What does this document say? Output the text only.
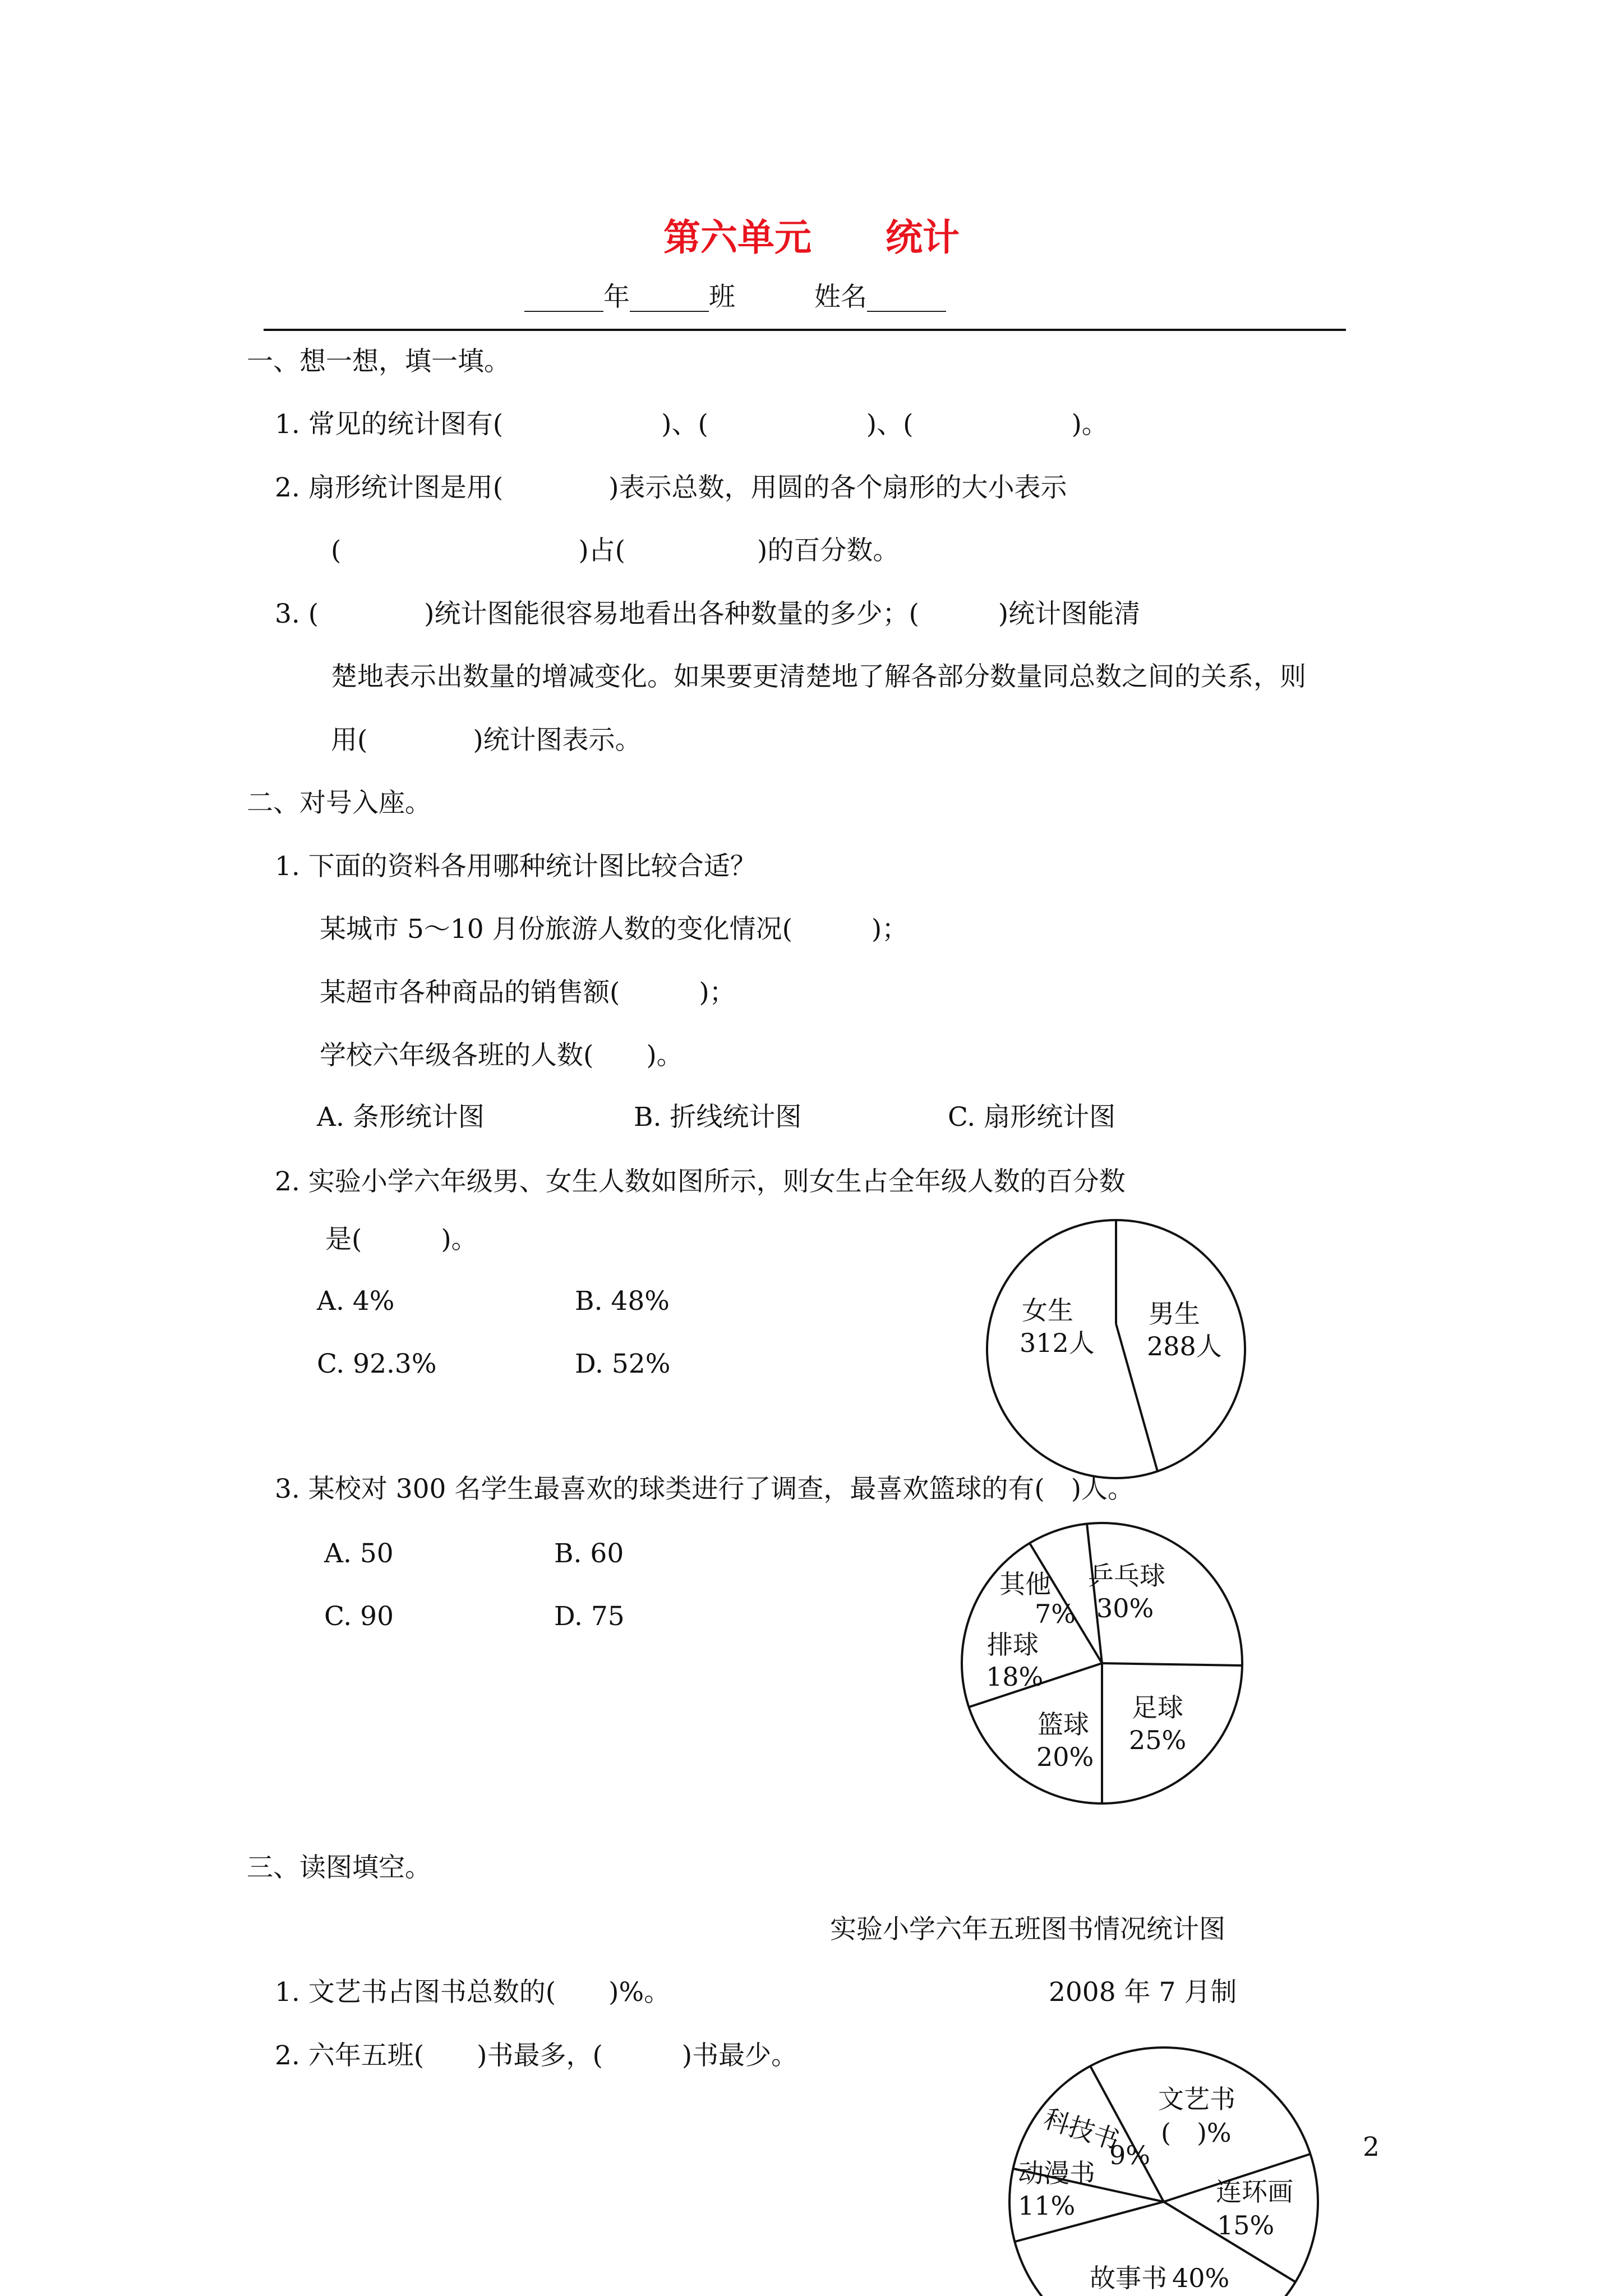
第六单元　　统计
______年______班　　　姓名______
一、想一想，填一填。
1. 常见的统计图有(　　　　　　)、(　　　　　　)、(　　　　　　)。
2. 扇形统计图是用(　　　　)表示总数，用圆的各个扇形的大小表示
(　　　　　　　　　)占(　　　　　)的百分数。
3. (　　　　)统计图能很容易地看出各种数量的多少；(　　　)统计图能清
楚地表示出数量的增减变化。如果要更清楚地了解各部分数量同总数之间的关系，则
用(　　　　)统计图表示。
二、对号入座。
1. 下面的资料各用哪种统计图比较合适？
某城市 5～10 月份旅游人数的变化情况(　　　)；
某超市各种商品的销售额(　　　)；
学校六年级各班的人数(　　)。
A. 条形统计图	B. 折线统计图	C. 扇形统计图
2. 实验小学六年级男、女生人数如图所示，则女生占全年级人数的百分数
是(　　　)。
A. 4%	B. 48%
C. 92.3%	D. 52%
3. 某校对 300 名学生最喜欢的球类进行了调查，最喜欢篮球的有(　)人。
A. 50	B. 60
C. 90	D. 75
三、读图填空。
实验小学六年五班图书情况统计图
2008 年 7 月制
1. 文艺书占图书总数的(　　)%。
2. 六年五班(　　)书最多，(　　　)书最少。
2
女生
312人
男生
288人
乒乓球
30%
足球
25%
篮球
20%
排球
18%
其他
7%
文艺书
(　)%
连环画
15%
故事书 40%
动漫书
11%
科技书
9%
